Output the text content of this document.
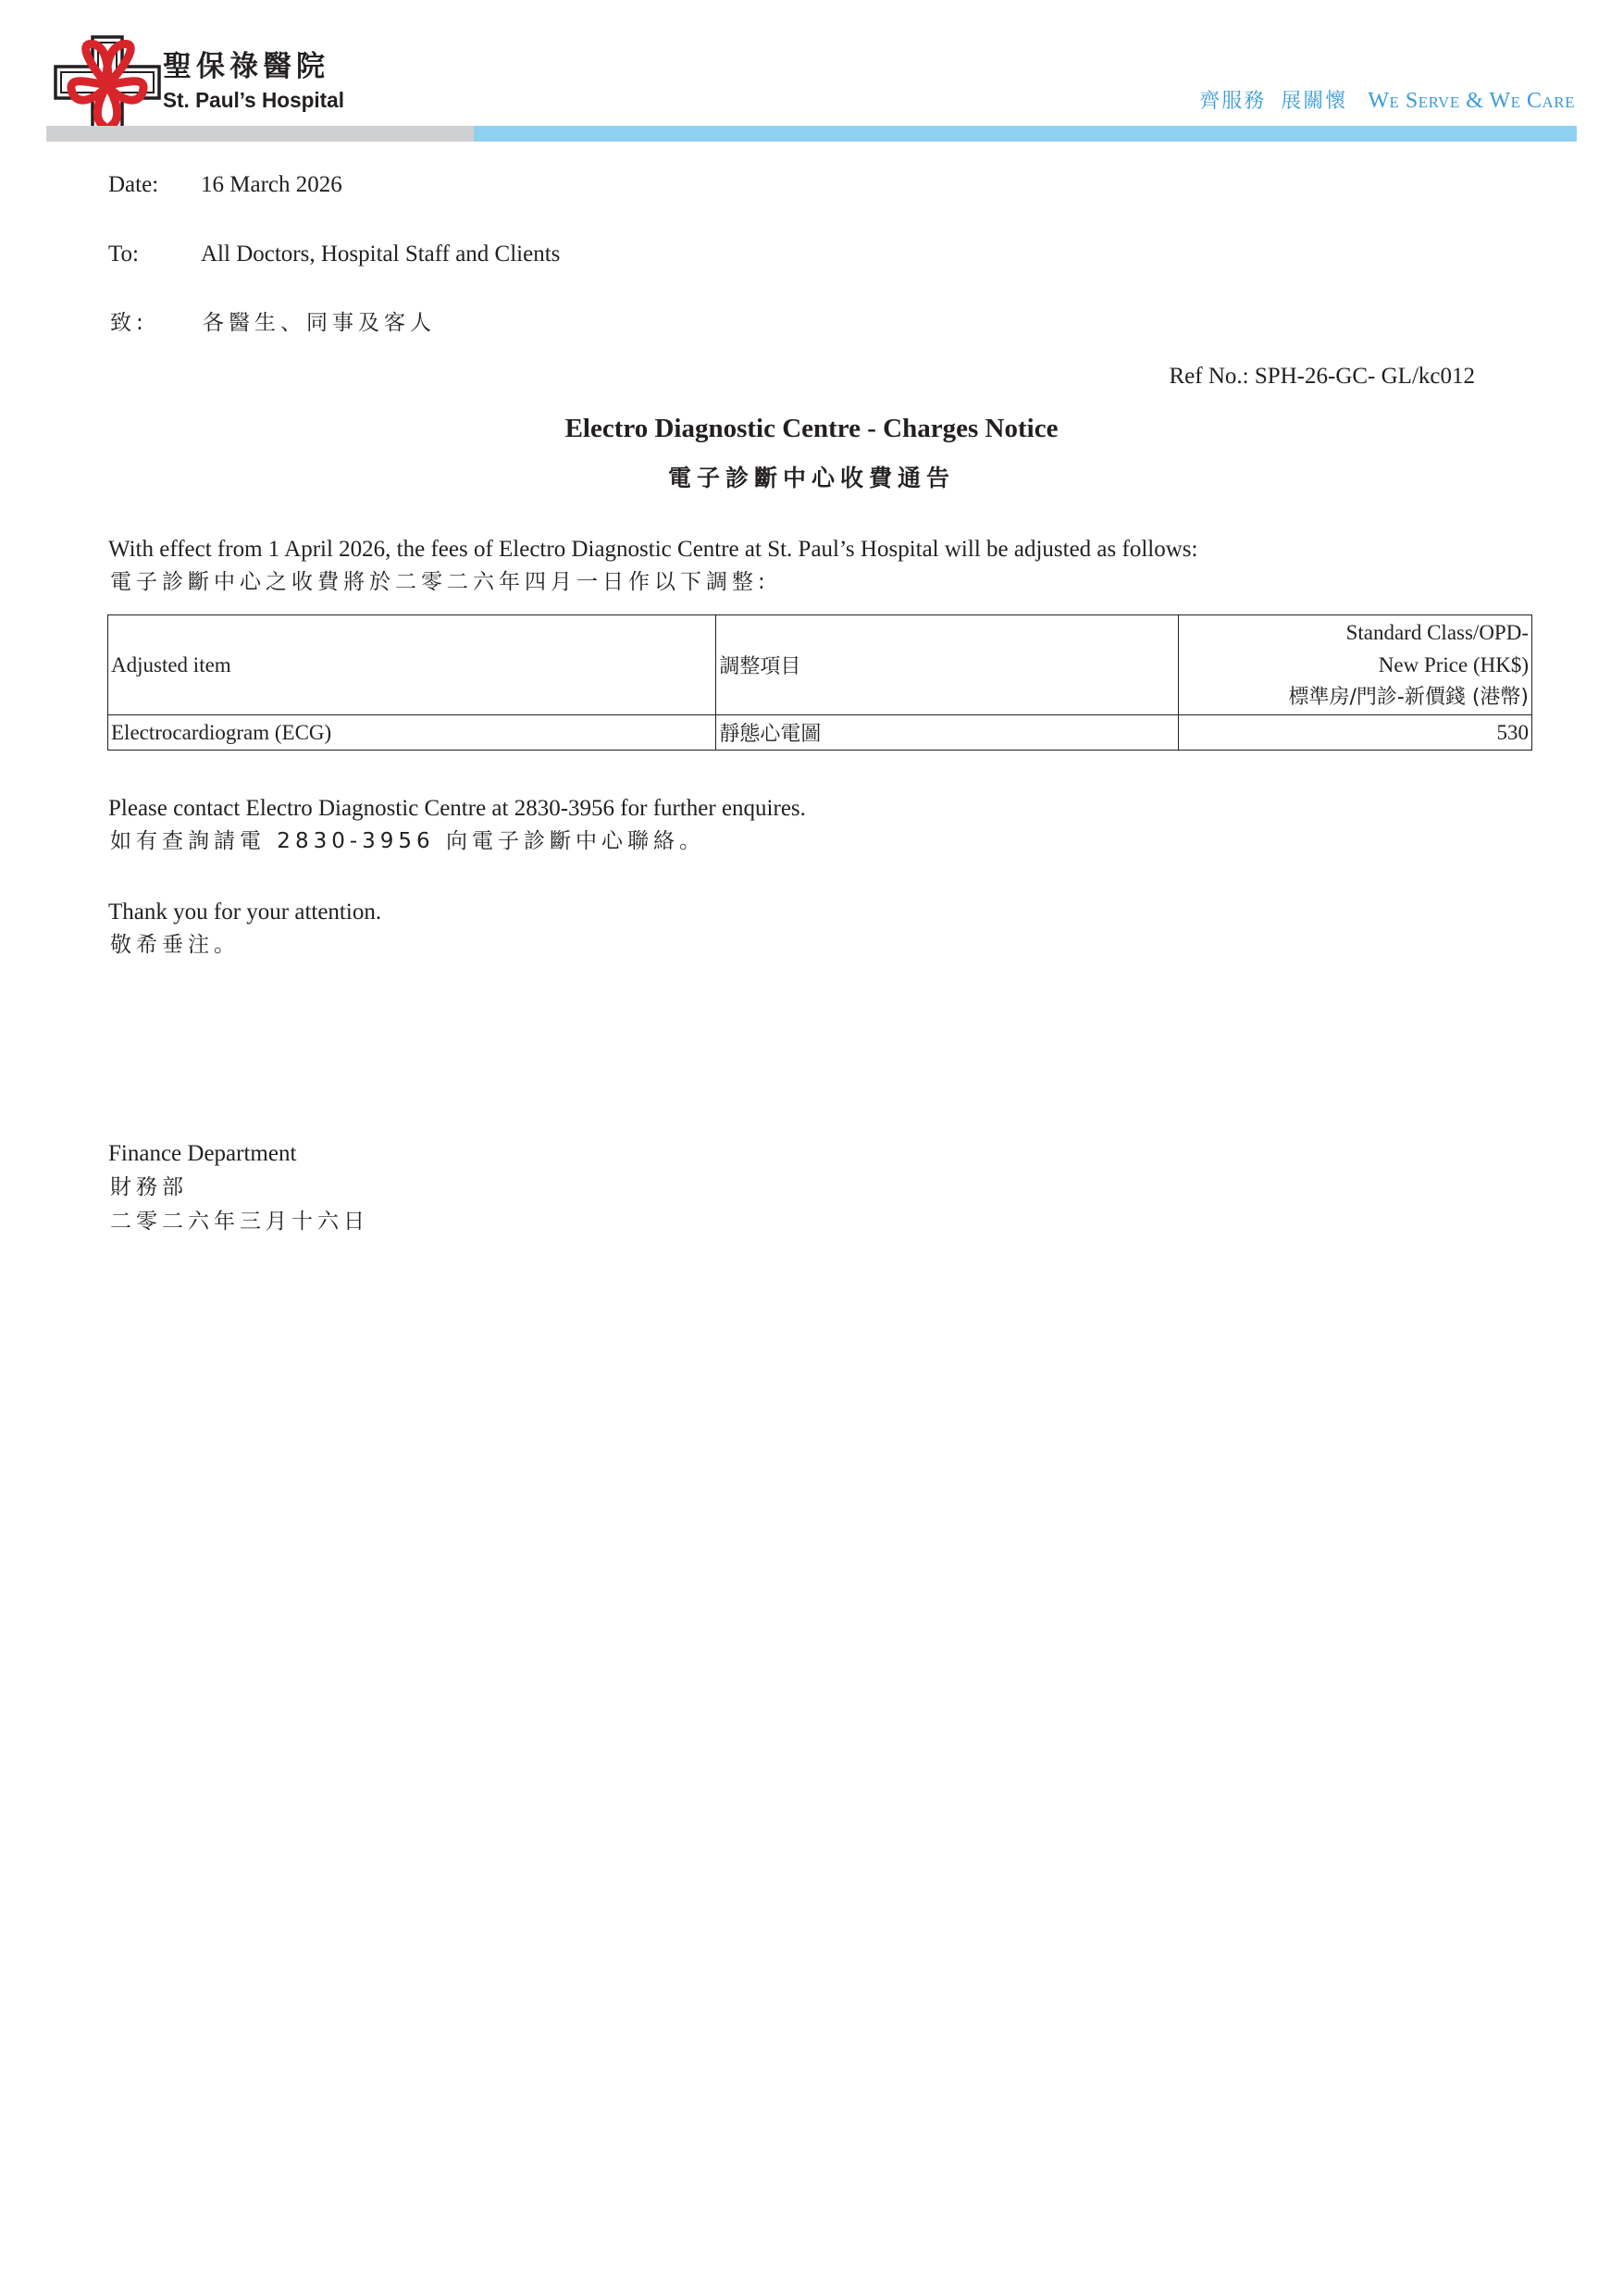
聖保祿醫院
St. Paul’s Hospital	齊服務 展關懷 We Serve & We Care
Date: 16 March 2026
To:	All Doctors, Hospital Staff and Clients
致:	各醫生、同事及客人
Ref No.: SPH-26-GC- GL/kc012
Electro Diagnostic Centre - Charges Notice
電子診斷中心收費通告
With effect from 1 April 2026, the fees of Electro Diagnostic Centre at St. Paul’s Hospital will be adjusted as follows:
電子診斷中心之收費將於二零二六年四月一日作以下調整:
Adjusted item	調整項目	Standard Class/OPD-
New Price (HK$)
標準房/門診-新價錢 (港幣)

Electrocardiogram (ECG)	靜態心電圖	530
Please contact Electro Diagnostic Centre at 2830-3956 for further enquires.
如有查詢請電 2830-3956 向電子診斷中心聯絡。
Thank you for your attention.
敬希垂注。
Finance Department
財務部
二零二六年三月十六日
